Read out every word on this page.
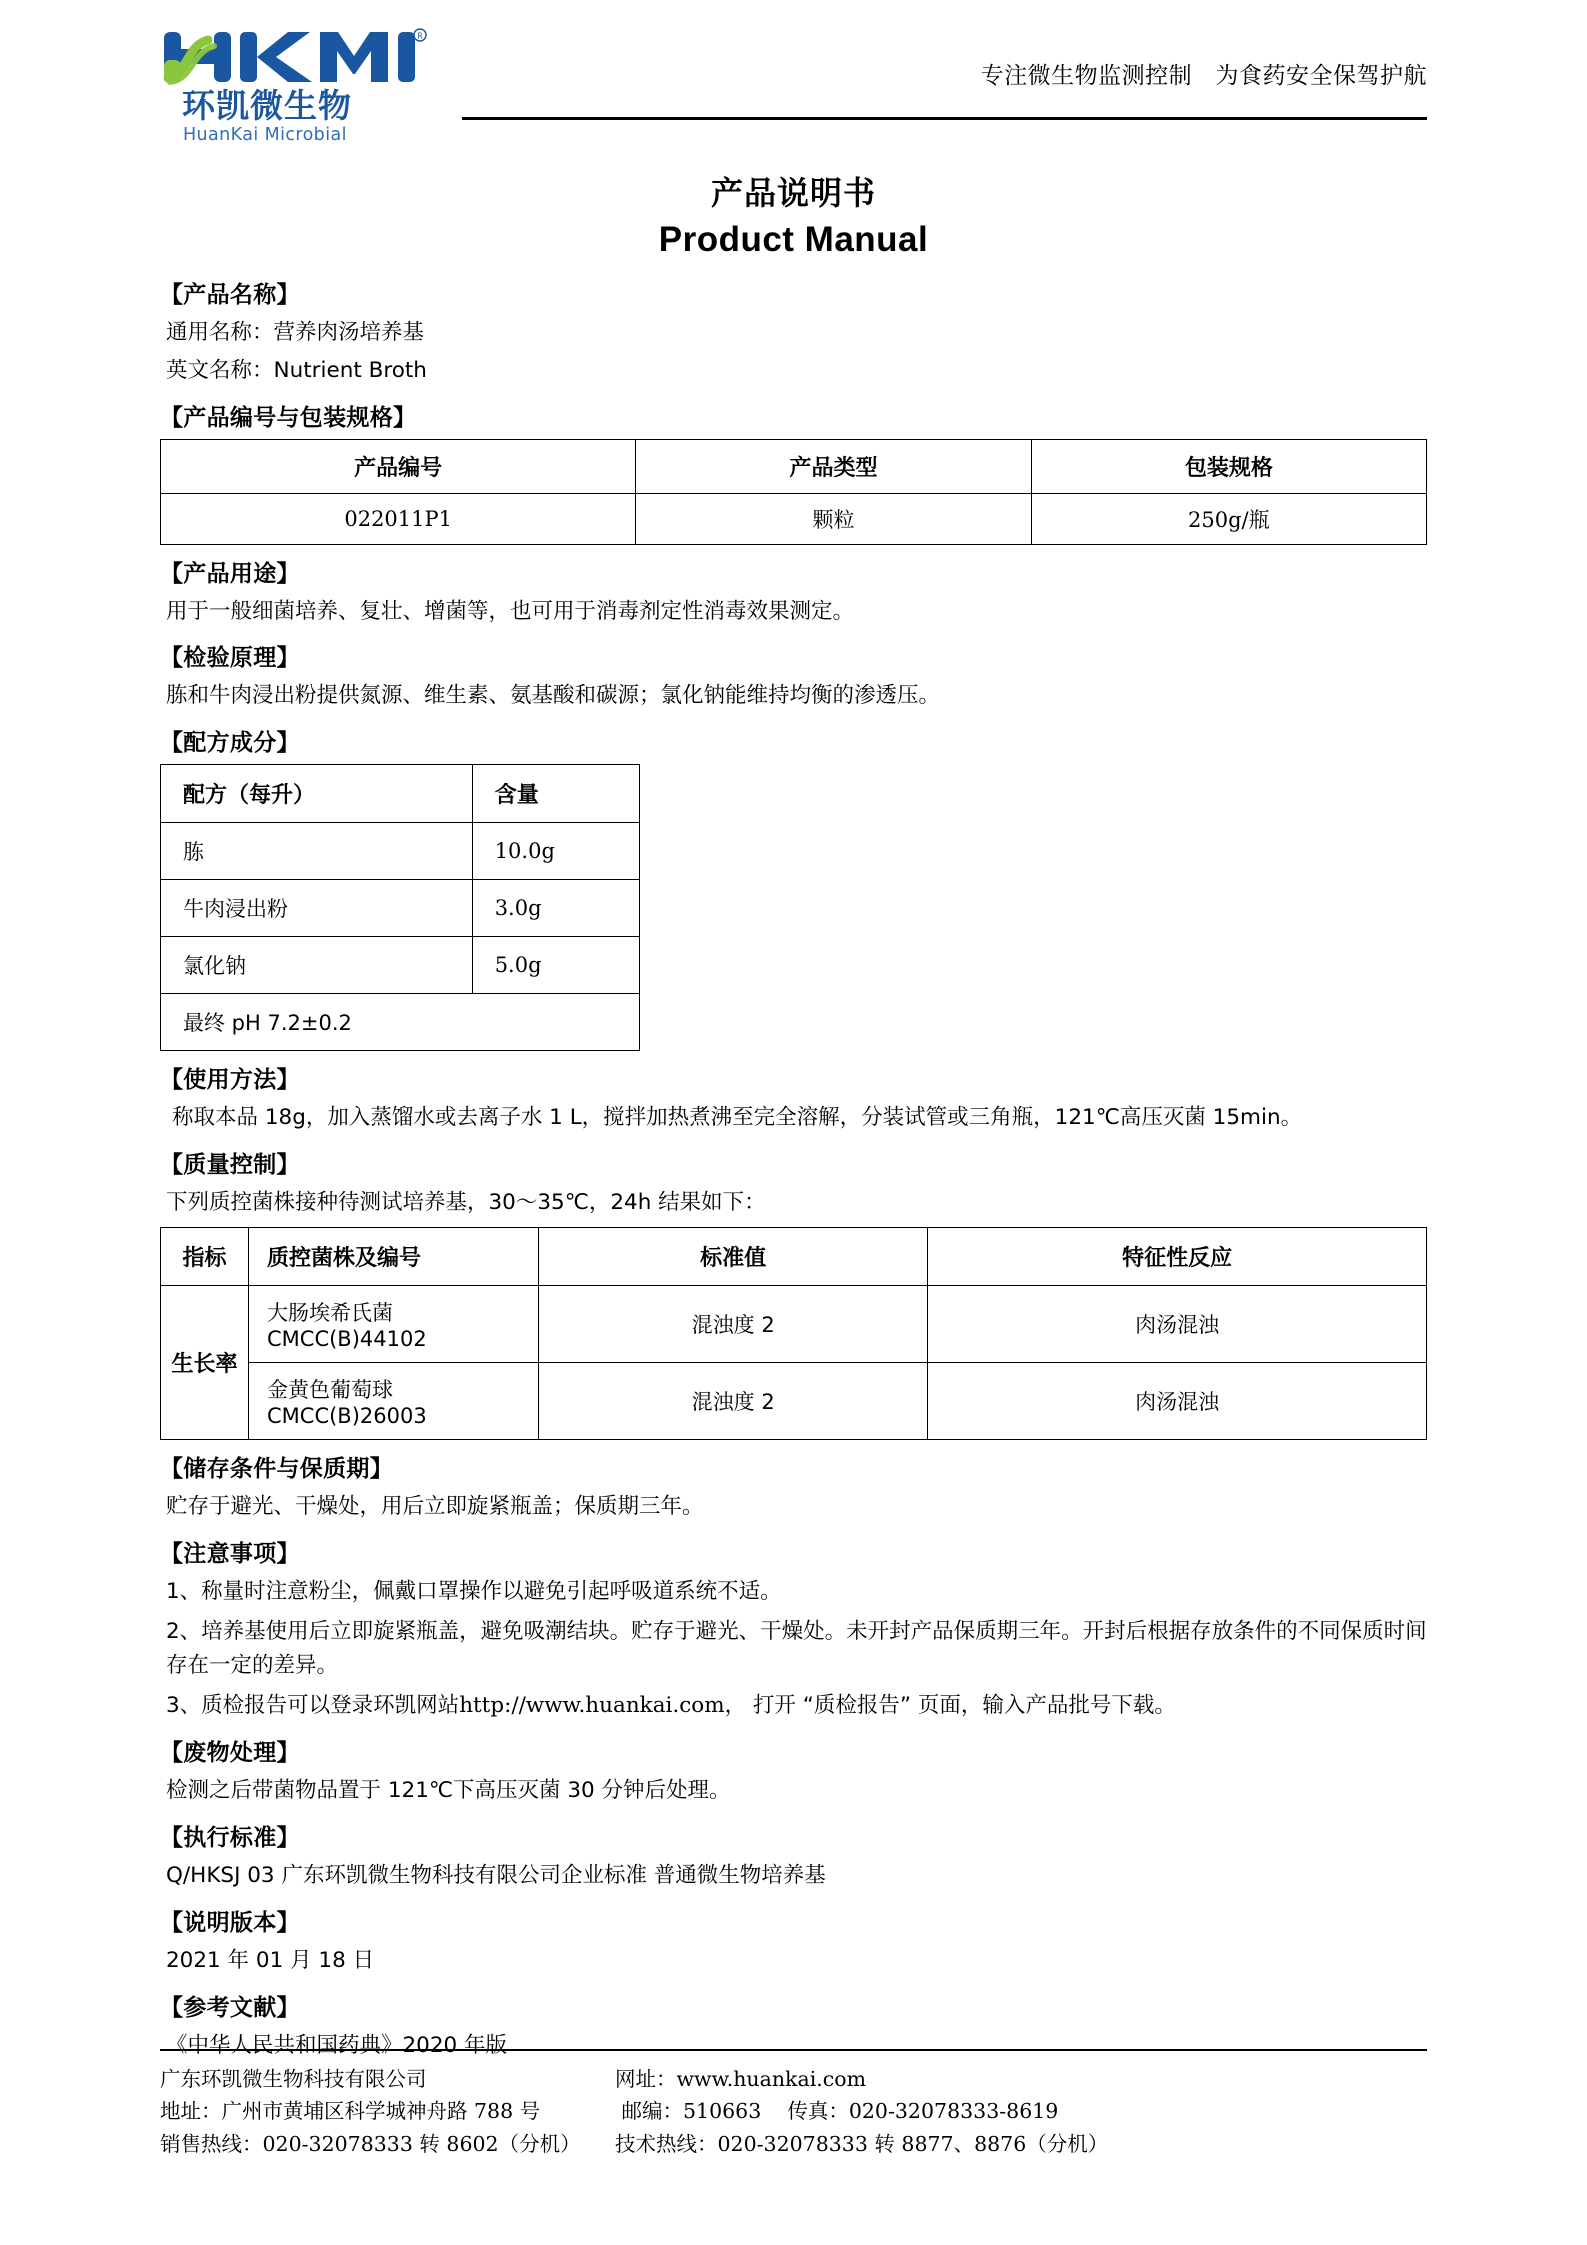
R
环凯微生物
HuanKai Microbial
专注微生物监测控制   为食药安全保驾护航
产品说明书
Product Manual
【产品名称】
通用名称：营养肉汤培养基
英文名称：Nutrient Broth
【产品编号与包装规格】
产品编号	产品类型	包装规格
022011P1	颗粒	250g/瓶
【产品用途】
用于一般细菌培养、复壮、增菌等，也可用于消毒剂定性消毒效果测定。
【检验原理】
胨和牛肉浸出粉提供氮源、维生素、氨基酸和碳源；氯化钠能维持均衡的渗透压。
【配方成分】
配方（每升）	含量
胨	10.0g
牛肉浸出粉	3.0g
氯化钠	5.0g
最终 pH 7.2±0.2	
【使用方法】
称取本品 18g，加入蒸馏水或去离子水 1 L，搅拌加热煮沸至完全溶解，分装试管或三角瓶，121℃高压灭菌 15min。
【质量控制】
下列质控菌株接种待测试培养基，30～35℃，24h 结果如下：
指标	质控菌株及编号	标准值	特征性反应
生长率	大肠埃希氏菌 CMCC(B)44102	混浊度 2	肉汤混浊
	金黄色葡萄球 CMCC(B)26003	混浊度 2	肉汤混浊
【储存条件与保质期】
贮存于避光、干燥处，用后立即旋紧瓶盖；保质期三年。
【注意事项】
1、称量时注意粉尘，佩戴口罩操作以避免引起呼吸道系统不适。
2、培养基使用后立即旋紧瓶盖，避免吸潮结块。贮存于避光、干燥处。未开封产品保质期三年。开封后根据存放条件的不同保质时间存在一定的差异。
3、质检报告可以登录环凯网站http://www.huankai.com， 打开 “质检报告” 页面，输入产品批号下载。
【废物处理】
检测之后带菌物品置于 121℃下高压灭菌 30 分钟后处理。
【执行标准】
Q/HKSJ 03 广东环凯微生物科技有限公司企业标准 普通微生物培养基
【说明版本】
2021 年 01 月 18 日
【参考文献】
《中华人民共和国药典》2020 年版
广东环凯微生物科技有限公司
地址：广州市黄埔区科学城神舟路 788 号
销售热线：020-32078333 转 8602（分机）
网址：www.huankai.com
邮编：510663    传真：020-32078333-8619
技术热线：020-32078333 转 8877、8876（分机）
